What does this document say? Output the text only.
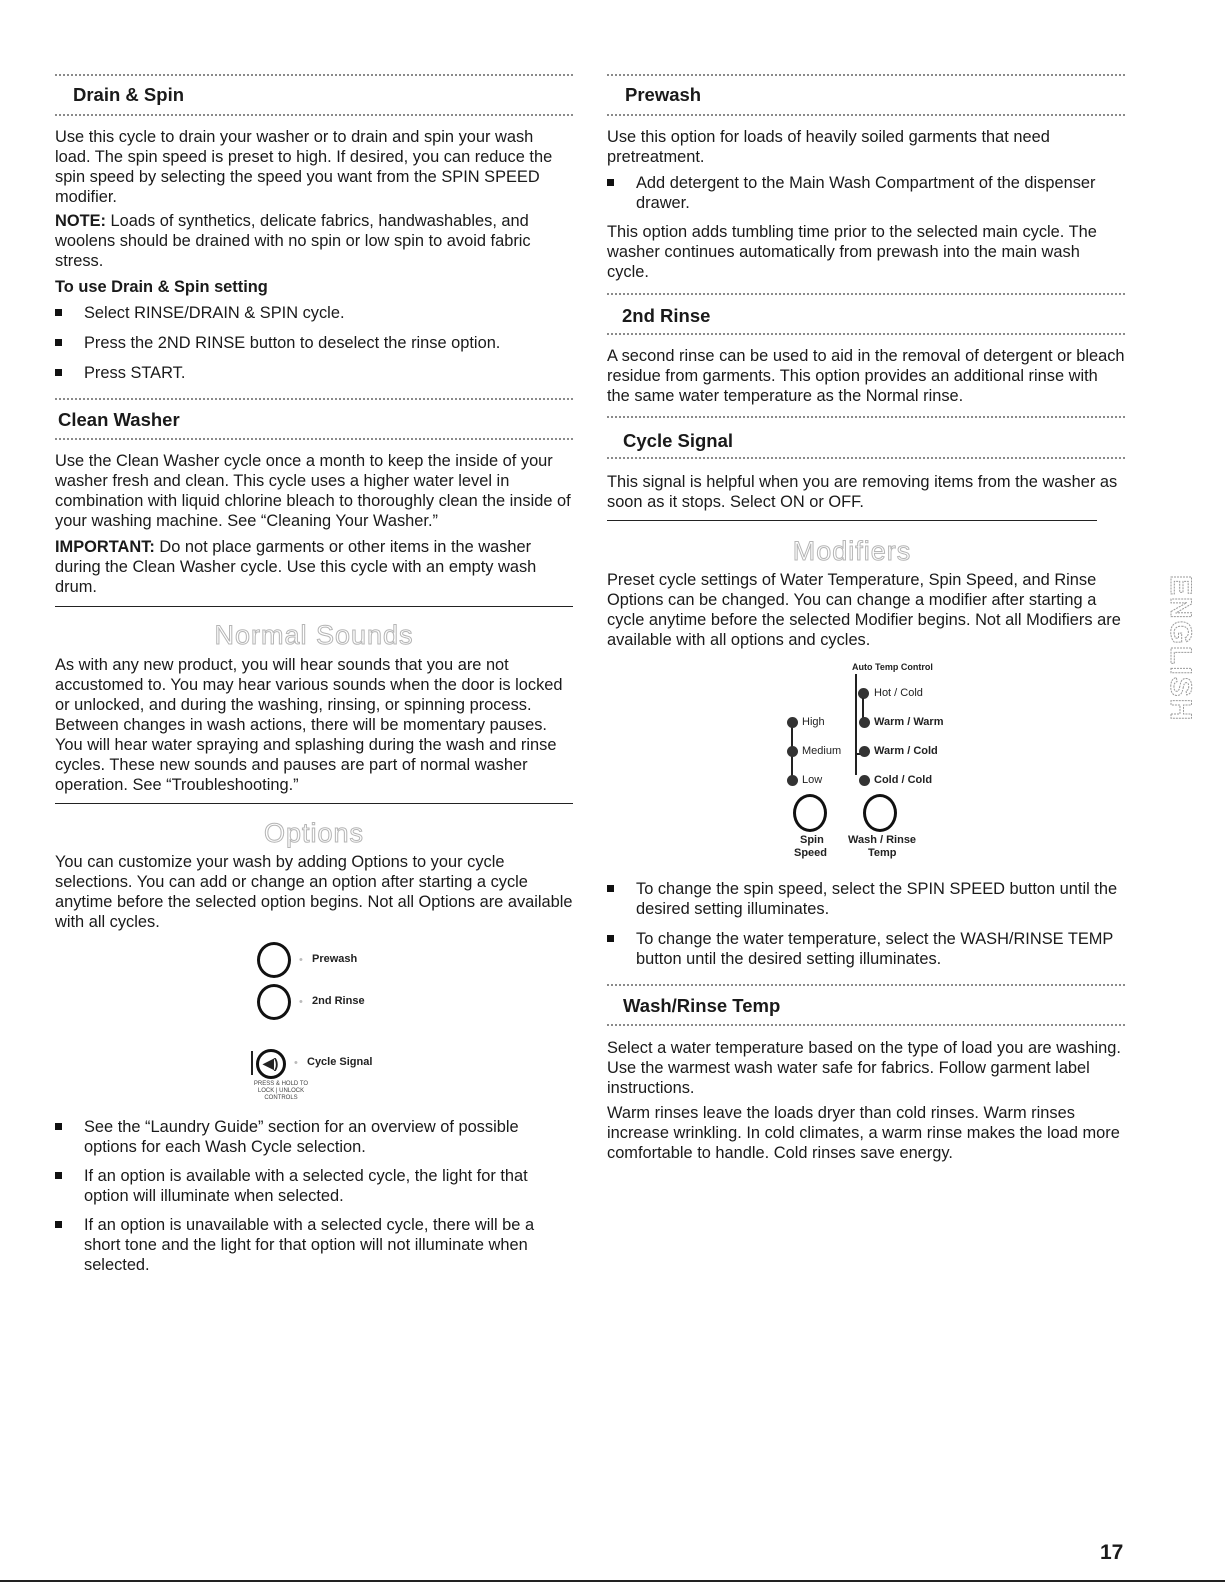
Drain & Spin

Use this cycle to drain your washer or to drain and spin your wash load. The spin speed is preset to high. If desired, you can reduce the spin speed by selecting the speed you want from the SPIN SPEED modifier.

NOTE: Loads of synthetics, delicate fabrics, handwashables, and woolens should be drained with no spin or low spin to avoid fabric stress.

To use Drain & Spin setting

Select RINSE/DRAIN & SPIN cycle.
Press the 2ND RINSE button to deselect the rinse option.
Press START.
Clean Washer

Use the Clean Washer cycle once a month to keep the inside of your washer fresh and clean. This cycle uses a higher water level in combination with liquid chlorine bleach to thoroughly clean the inside of your washing machine. See “Cleaning Your Washer.”

IMPORTANT: Do not place garments or other items in the washer during the Clean Washer cycle. Use this cycle with an empty wash drum.

Normal Sounds

As with any new product, you will hear sounds that you are not accustomed to. You may hear various sounds when the door is locked or unlocked, and during the washing, rinsing, or spinning process. Between changes in wash actions, there will be momentary pauses. You will hear water spraying and splashing during the wash and rinse cycles. These new sounds and pauses are part of normal washer operation. See “Troubleshooting.”

Options

You can customize your wash by adding Options to your cycle selections. You can add or change an option after starting a cycle anytime before the selected option begins. Not all Options are available with all cycles.

• Prewash
• 2nd Rinse
◀) • Cycle Signal
PRESS & HOLD TO LOCK | UNLOCK CONTROLS
See the “Laundry Guide” section for an overview of possible options for each Wash Cycle selection.
If an option is available with a selected cycle, the light for that option will illuminate when selected.
If an option is unavailable with a selected cycle, there will be a short tone and the light for that option will not illuminate when selected.
Prewash

Use this option for loads of heavily soiled garments that need pretreatment.

Add detergent to the Main Wash Compartment of the dispenser drawer.

This option adds tumbling time prior to the selected main cycle. The washer continues automatically from prewash into the main wash cycle.

2nd Rinse

A second rinse can be used to aid in the removal of detergent or bleach residue from garments. This option provides an additional rinse with the same water temperature as the Normal rinse.

Cycle Signal

This signal is helpful when you are removing items from the washer as soon as it stops. Select ON or OFF.

Modifiers

Preset cycle settings of Water Temperature, Spin Speed, and Rinse Options can be changed. You can change a modifier after starting a cycle anytime before the selected Modifier begins. Not all Modifiers are available with all options and cycles.

Auto Temp Control
Hot / Cold
Warm / Warm
Warm / Cold
Cold / Cold
High
Medium
Low
Spin
Speed
Wash / Rinse
Temp
To change the spin speed, select the SPIN SPEED button until the desired setting illuminates.
To change the water temperature, select the WASH/RINSE TEMP button until the desired setting illuminates.
Wash/Rinse Temp

Select a water temperature based on the type of load you are washing. Use the warmest wash water safe for fabrics. Follow garment label instructions.

Warm rinses leave the loads dryer than cold rinses. Warm rinses increase wrinkling. In cold climates, a warm rinse makes the load more comfortable to handle. Cold rinses save energy.

ENGLISH
17
